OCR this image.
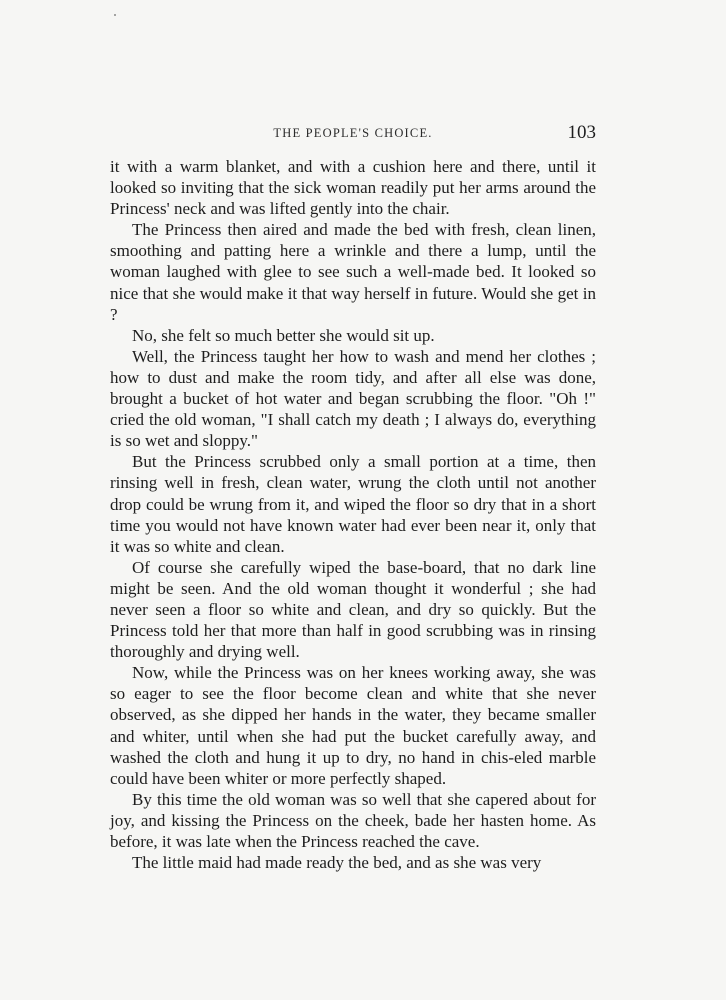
THE PEOPLE'S CHOICE.	103

it with a warm blanket, and with a cushion here and there, until it looked so inviting that the sick woman readily put her arms around the Princess' neck and was lifted gently into the chair.

The Princess then aired and made the bed with fresh, clean linen, smoothing and patting here a wrinkle and there a lump, until the woman laughed with glee to see such a well-made bed. It looked so nice that she would make it that way herself in future. Would she get in ?

No, she felt so much better she would sit up.

Well, the Princess taught her how to wash and mend her clothes ; how to dust and make the room tidy, and after all else was done, brought a bucket of hot water and began scrubbing the floor. "Oh !" cried the old woman, "I shall catch my death ; I always do, everything is so wet and sloppy."

But the Princess scrubbed only a small portion at a time, then rinsing well in fresh, clean water, wrung the cloth until not another drop could be wrung from it, and wiped the floor so dry that in a short time you would not have known water had ever been near it, only that it was so white and clean.

Of course she carefully wiped the base-board, that no dark line might be seen. And the old woman thought it wonderful ; she had never seen a floor so white and clean, and dry so quickly. But the Princess told her that more than half in good scrubbing was in rinsing thoroughly and drying well.

Now, while the Princess was on her knees working away, she was so eager to see the floor become clean and white that she never observed, as she dipped her hands in the water, they became smaller and whiter, until when she had put the bucket carefully away, and washed the cloth and hung it up to dry, no hand in chis-eled marble could have been whiter or more perfectly shaped.

By this time the old woman was so well that she capered about for joy, and kissing the Princess on the cheek, bade her hasten home. As before, it was late when the Princess reached the cave.

The little maid had made ready the bed, and as she was very
